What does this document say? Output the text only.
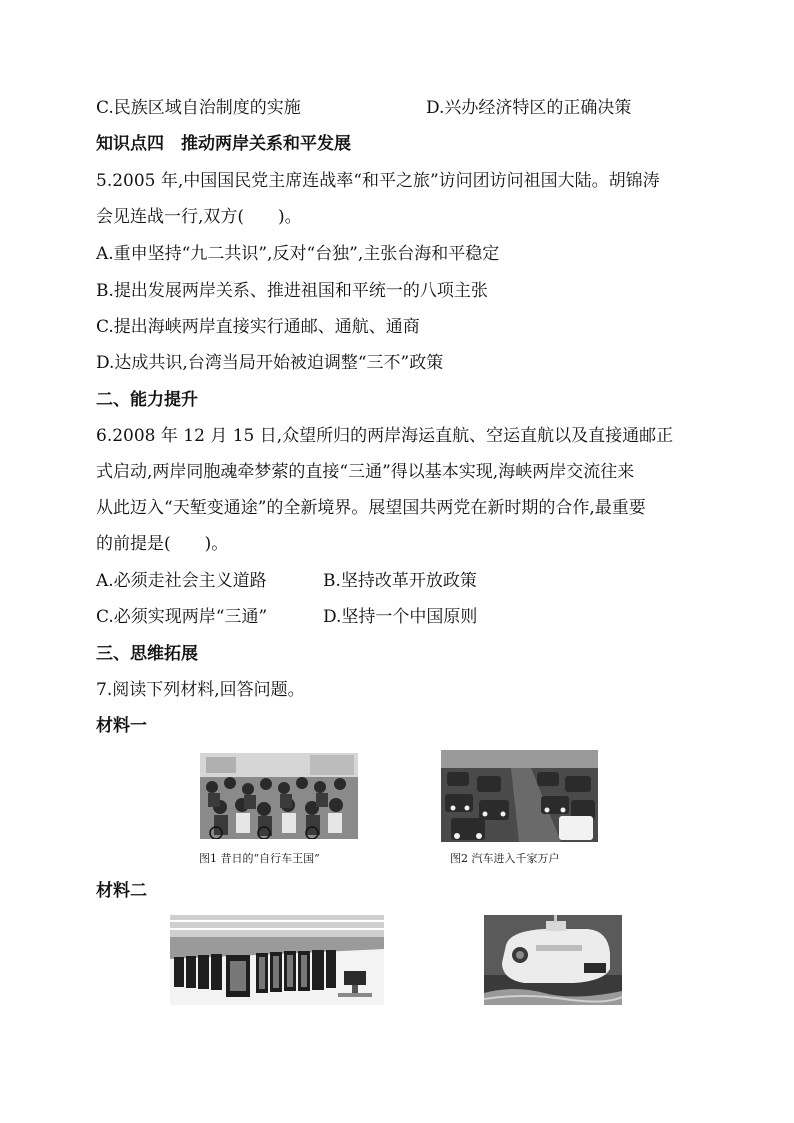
C.民族区域自治制度的实施	D.兴办经济特区的正确决策
知识点四　推动两岸关系和平发展
5.2005 年,中国国民党主席连战率“和平之旅”访问团访问祖国大陆。胡锦涛
会见连战一行,双方(　　)。
A.重申坚持“九二共识”,反对“台独”,主张台海和平稳定
B.提出发展两岸关系、推进祖国和平统一的八项主张
C.提出海峡两岸直接实行通邮、通航、通商
D.达成共识,台湾当局开始被迫调整“三不”政策
二、能力提升
6.2008 年 12 月 15 日,众望所归的两岸海运直航、空运直航以及直接通邮正
式启动,两岸同胞魂牵梦萦的直接“三通”得以基本实现,海峡两岸交流往来
从此迈入“天堑变通途”的全新境界。展望国共两党在新时期的合作,最重要
的前提是(　　)。
A.必须走社会主义道路	B.坚持改革开放政策
C.必须实现两岸“三通”	D.坚持一个中国原则
三、思维拓展
7.阅读下列材料,回答问题。
材料一
图1 昔日的“自行车王国”	图2 汽车进入千家万户
材料二
